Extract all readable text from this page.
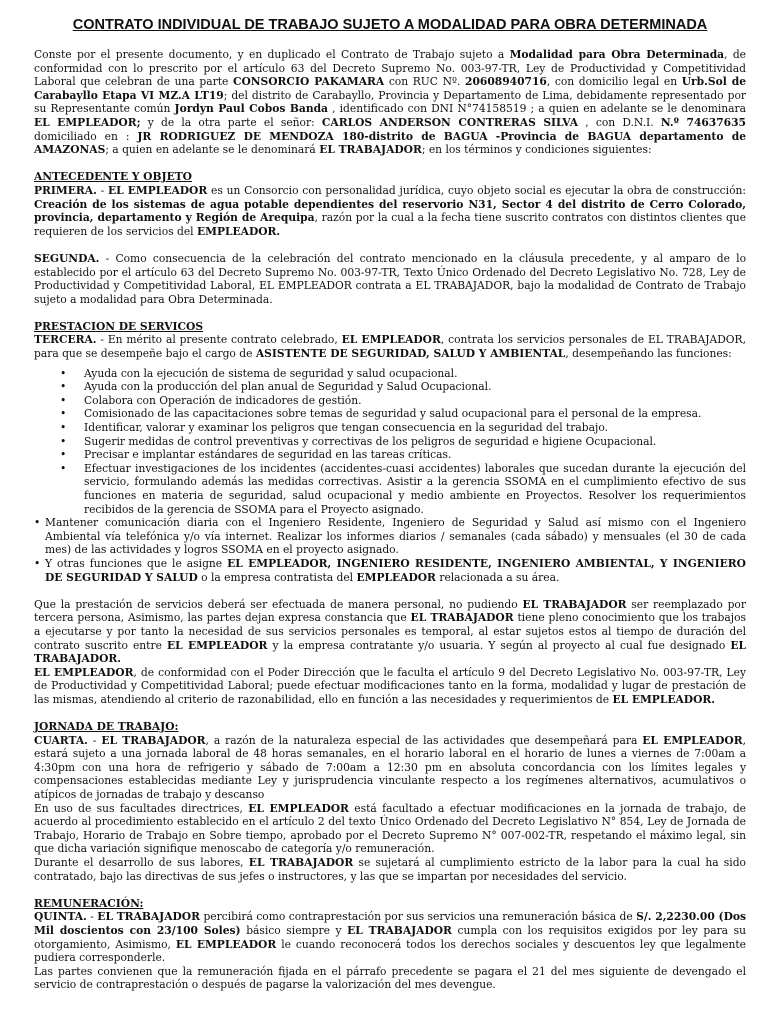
CONTRATO INDIVIDUAL DE TRABAJO SUJETO A MODALIDAD PARA OBRA DETERMINADA

Conste por el presente documento, y en duplicado el Contrato de Trabajo sujeto a Modalidad para Obra Determinada, de conformidad con lo prescrito por el artículo 63 del Decreto Supremo No. 003-97-TR, Ley de Productividad y Competitividad Laboral que celebran de una parte CONSORCIO PAKAMARA con RUC Nº. 20608940716, con domicilio legal en Urb.Sol de Carabayllo Etapa VI MZ.A LT19; del distrito de Carabayllo, Provincia y Departamento de Lima, debidamente representado por su Representante común Jordyn Paul Cobos Banda , identificado con DNI N°74158519 ; a quien en adelante se le denominara EL EMPLEADOR; y de la otra parte el señor: CARLOS ANDERSON CONTRERAS SILVA , con D.N.I. N.º 74637635 domiciliado en : JR RODRIGUEZ DE MENDOZA 180-distrito de BAGUA -Provincia de BAGUA departamento de AMAZONAS; a quien en adelante se le denominará EL TRABAJADOR; en los términos y condiciones siguientes:

ANTECEDENTE Y OBJETO

PRIMERA. - EL EMPLEADOR es un Consorcio con personalidad jurídica, cuyo objeto social es ejecutar la obra de construcción: Creación de los sistemas de agua potable dependientes del reservorio N31, Sector 4 del distrito de Cerro Colorado, provincia, departamento y Región de Arequipa, razón por la cual a la fecha tiene suscrito contratos con distintos clientes que requieren de los servicios del EMPLEADOR.

SEGUNDA. - Como consecuencia de la celebración del contrato mencionado en la cláusula precedente, y al amparo de lo establecido por el artículo 63 del Decreto Supremo No. 003-97-TR, Texto Único Ordenado del Decreto Legislativo No. 728, Ley de Productividad y Competitividad Laboral, EL EMPLEADOR contrata a EL TRABAJADOR, bajo la modalidad de Contrato de Trabajo sujeto a modalidad para Obra Determinada.

PRESTACION DE SERVICOS

TERCERA. - En mérito al presente contrato celebrado, EL EMPLEADOR, contrata los servicios personales de EL TRABAJADOR, para que se desempeñe bajo el cargo de ASISTENTE DE SEGURIDAD, SALUD Y AMBIENTAL, desempeñando las funciones:

• Ayuda con la ejecución de sistema de seguridad y salud ocupacional.
• Ayuda con la producción del plan anual de Seguridad y Salud Ocupacional.
• Colabora con Operación de indicadores de gestión.
• Comisionado de las capacitaciones sobre temas de seguridad y salud ocupacional para el personal de la empresa.
• Identificar, valorar y examinar los peligros que tengan consecuencia en la seguridad del trabajo.
• Sugerir medidas de control preventivas y correctivas de los peligros de seguridad e higiene Ocupacional.
• Precisar e implantar estándares de seguridad en las tareas críticas.
• Efectuar investigaciones de los incidentes (accidentes-cuasi accidentes) laborales que sucedan durante la ejecución del servicio, formulando además las medidas correctivas. Asistir a la gerencia SSOMA en el cumplimiento efectivo de sus funciones en materia de seguridad, salud ocupacional y medio ambiente en Proyectos. Resolver los requerimientos recibidos de la gerencia de SSOMA para el Proyecto asignado.
• Mantener comunicación diaria con el Ingeniero Residente, Ingeniero de Seguridad y Salud así mismo con el Ingeniero Ambiental vía telefónica y/o vía internet. Realizar los informes diarios / semanales (cada sábado) y mensuales (el 30 de cada mes) de las actividades y logros SSOMA en el proyecto asignado.
• Y otras funciones que le asigne EL EMPLEADOR, INGENIERO RESIDENTE, INGENIERO AMBIENTAL, Y INGENIERO DE SEGURIDAD Y SALUD o la empresa contratista del EMPLEADOR relacionada a su área.

Que la prestación de servicios deberá ser efectuada de manera personal, no pudiendo EL TRABAJADOR ser reemplazado por tercera persona, Asimismo, las partes dejan expresa constancia que EL TRABAJADOR tiene pleno conocimiento que los trabajos a ejecutarse y por tanto la necesidad de sus servicios personales es temporal, al estar sujetos estos al tiempo de duración del contrato suscrito entre EL EMPLEADOR y la empresa contratante y/o usuaria. Y según al proyecto al cual fue designado EL TRABAJADOR.

EL EMPLEADOR, de conformidad con el Poder Dirección que le faculta el artículo 9 del Decreto Legislativo No. 003-97-TR, Ley de Productividad y Competitividad Laboral; puede efectuar modificaciones tanto en la forma, modalidad y lugar de prestación de las mismas, atendiendo al criterio de razonabilidad, ello en función a las necesidades y requerimientos de EL EMPLEADOR.

JORNADA DE TRABAJO:

CUARTA. - EL TRABAJADOR, a razón de la naturaleza especial de las actividades que desempeñará para EL EMPLEADOR, estará sujeto a una jornada laboral de 48 horas semanales, en el horario laboral en el horario de lunes a viernes de 7:00am a 4:30pm con una hora de refrigerio y sábado de 7:00am a 12:30 pm en absoluta concordancia con los límites legales y compensaciones establecidas mediante Ley y jurisprudencia vinculante respecto a los regímenes alternativos, acumulativos o atípicos de jornadas de trabajo y descanso

En uso de sus facultades directrices, EL EMPLEADOR está facultado a efectuar modificaciones en la jornada de trabajo, de acuerdo al procedimiento establecido en el artículo 2 del texto Único Ordenado del Decreto Legislativo N° 854, Ley de Jornada de Trabajo, Horario de Trabajo en Sobre tiempo, aprobado por el Decreto Supremo N° 007-002-TR, respetando el máximo legal, sin que dicha variación signifique menoscabo de categoría y/o remuneración.

Durante el desarrollo de sus labores, EL TRABAJADOR se sujetará al cumplimiento estricto de la labor para la cual ha sido contratado, bajo las directivas de sus jefes o instructores, y las que se impartan por necesidades del servicio.

REMUNERACIÓN:

QUINTA. - EL TRABAJADOR percibirá como contraprestación por sus servicios una remuneración básica de S/. 2,2230.00 (Dos Mil doscientos con 23/100 Soles) básico siempre y EL TRABAJADOR cumpla con los requisitos exigidos por ley para su otorgamiento, Asimismo, EL EMPLEADOR le cuando reconocerá todos los derechos sociales y descuentos ley que legalmente pudiera corresponderle.

Las partes convienen que la remuneración fijada en el párrafo precedente se pagara el 21 del mes siguiente de devengado el servicio de contraprestación o después de pagarse la valorización del mes devengue.
